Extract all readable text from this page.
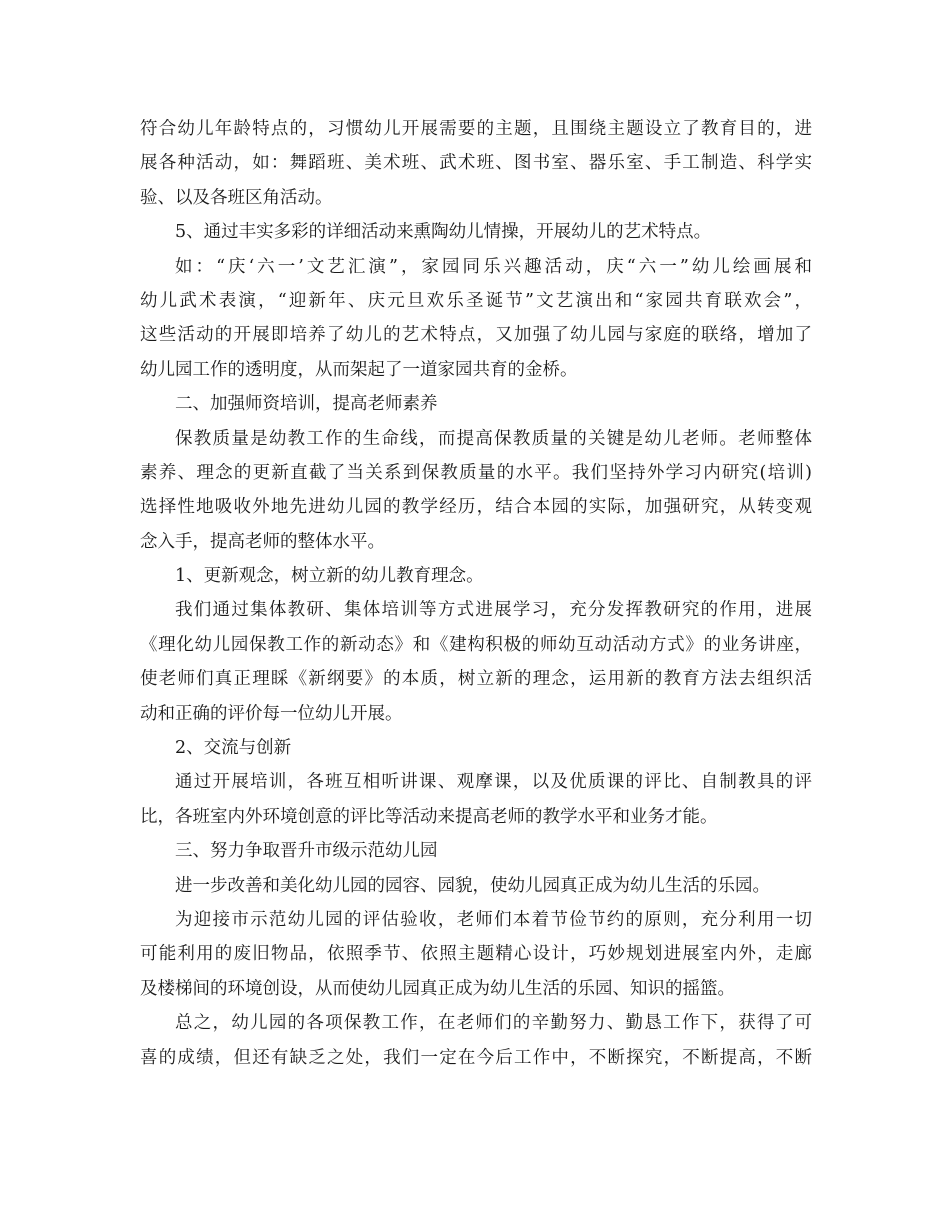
符合幼儿年龄特点的，习惯幼儿开展需要的主题，且围绕主题设立了教育目的，进
展各种活动，如：舞蹈班、美术班、武术班、图书室、器乐室、手工制造、科学实
验、以及各班区角活动。
5、通过丰实多彩的详细活动来熏陶幼儿情操，开展幼儿的艺术特点。
如：“庆‘六一’文艺汇演”，家园同乐兴趣活动，庆“六一”幼儿绘画展和
幼儿武术表演，“迎新年、庆元旦欢乐圣诞节”文艺演出和“家园共育联欢会”，
这些活动的开展即培养了幼儿的艺术特点，又加强了幼儿园与家庭的联络，增加了
幼儿园工作的透明度，从而架起了一道家园共育的金桥。
二、加强师资培训，提高老师素养
保教质量是幼教工作的生命线，而提高保教质量的关键是幼儿老师。老师整体
素养、理念的更新直截了当关系到保教质量的水平。我们坚持外学习内研究(培训)
选择性地吸收外地先进幼儿园的教学经历，结合本园的实际，加强研究，从转变观
念入手，提高老师的整体水平。
1、更新观念，树立新的幼儿教育理念。
我们通过集体教研、集体培训等方式进展学习，充分发挥教研究的作用，进展
《理化幼儿园保教工作的新动态》和《建构积极的师幼互动活动方式》的业务讲座，
使老师们真正理睬《新纲要》的本质，树立新的理念，运用新的教育方法去组织活
动和正确的评价每一位幼儿开展。
2、交流与创新
通过开展培训，各班互相听讲课、观摩课，以及优质课的评比、自制教具的评
比，各班室内外环境创意的评比等活动来提高老师的教学水平和业务才能。
三、努力争取晋升市级示范幼儿园
进一步改善和美化幼儿园的园容、园貌，使幼儿园真正成为幼儿生活的乐园。
为迎接市示范幼儿园的评估验收，老师们本着节俭节约的原则，充分利用一切
可能利用的废旧物品，依照季节、依照主题精心设计，巧妙规划进展室内外，走廊
及楼梯间的环境创设，从而使幼儿园真正成为幼儿生活的乐园、知识的摇篮。
总之，幼儿园的各项保教工作，在老师们的辛勤努力、勤恳工作下，获得了可
喜的成绩，但还有缺乏之处，我们一定在今后工作中，不断探究，不断提高，不断
